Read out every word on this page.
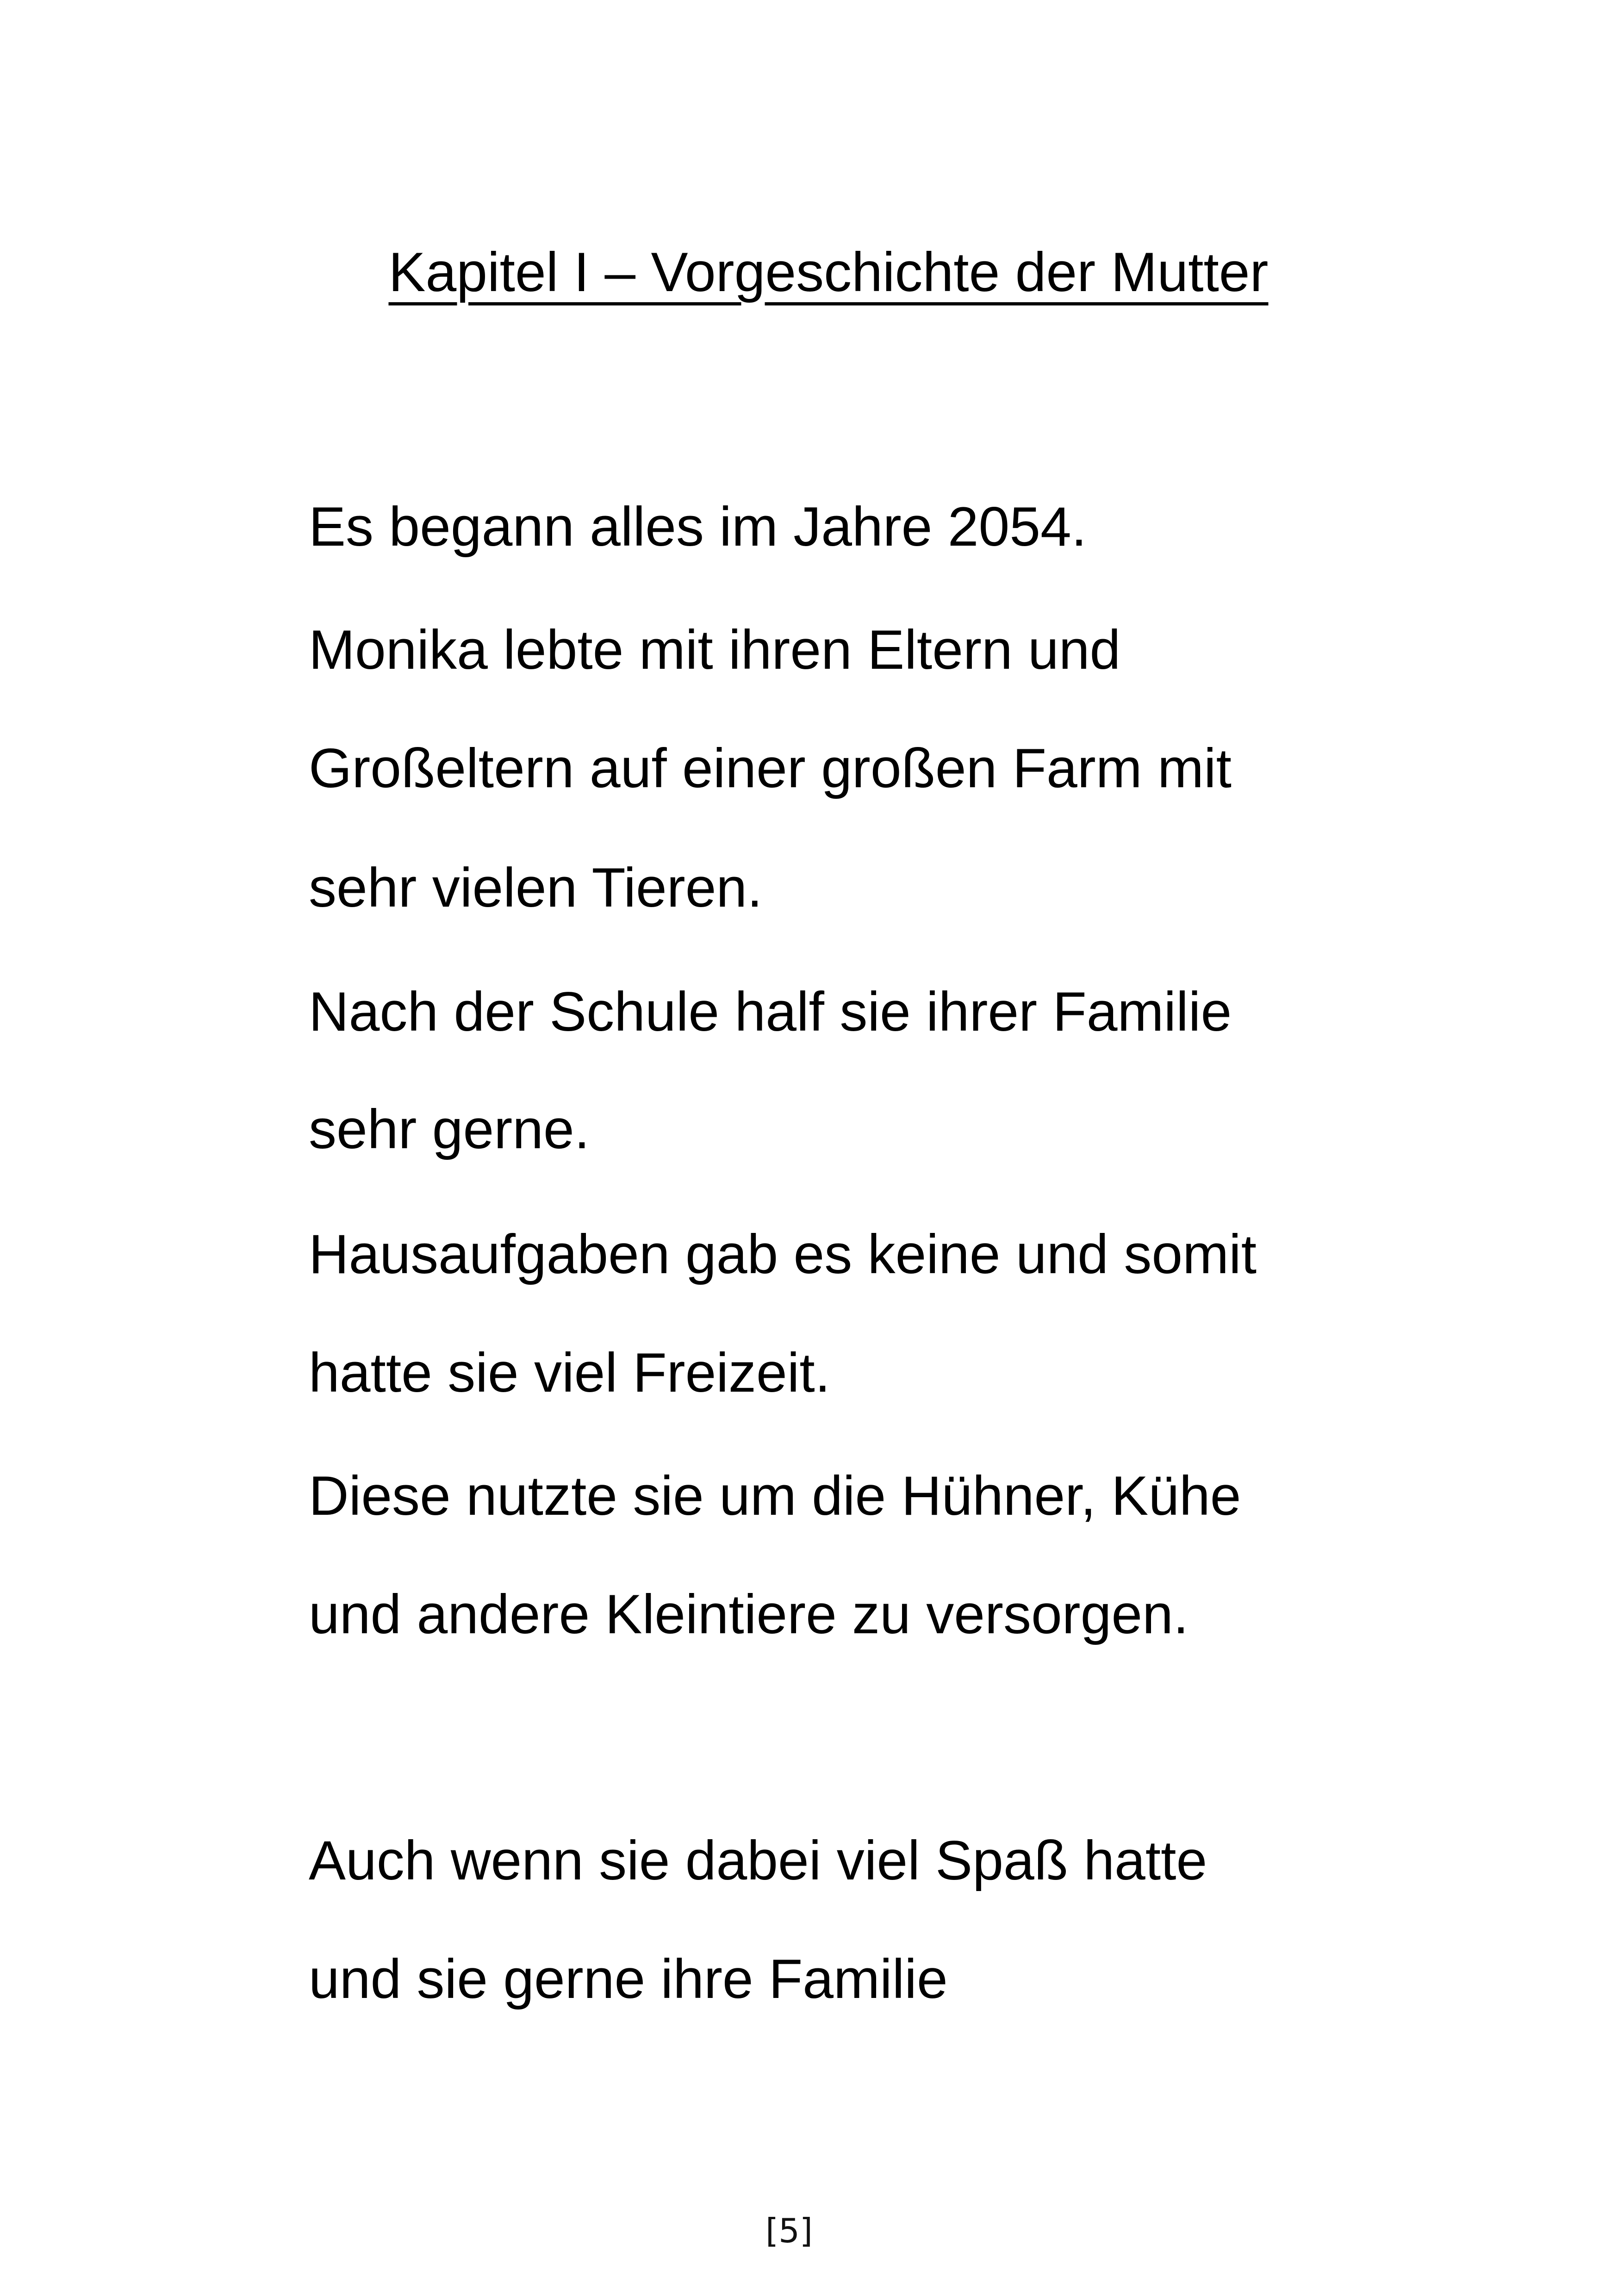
Kapitel I – Vorgeschichte der Mutter

Es begann alles im Jahre 2054.

Monika lebte mit ihren Eltern und

Großeltern auf einer großen Farm mit

sehr vielen Tieren.

Nach der Schule half sie ihrer Familie

sehr gerne.

Hausaufgaben gab es keine und somit

hatte sie viel Freizeit.

Diese nutzte sie um die Hühner, Kühe

und andere Kleintiere zu versorgen.

Auch wenn sie dabei viel Spaß hatte

und sie gerne ihre Familie

[5]
